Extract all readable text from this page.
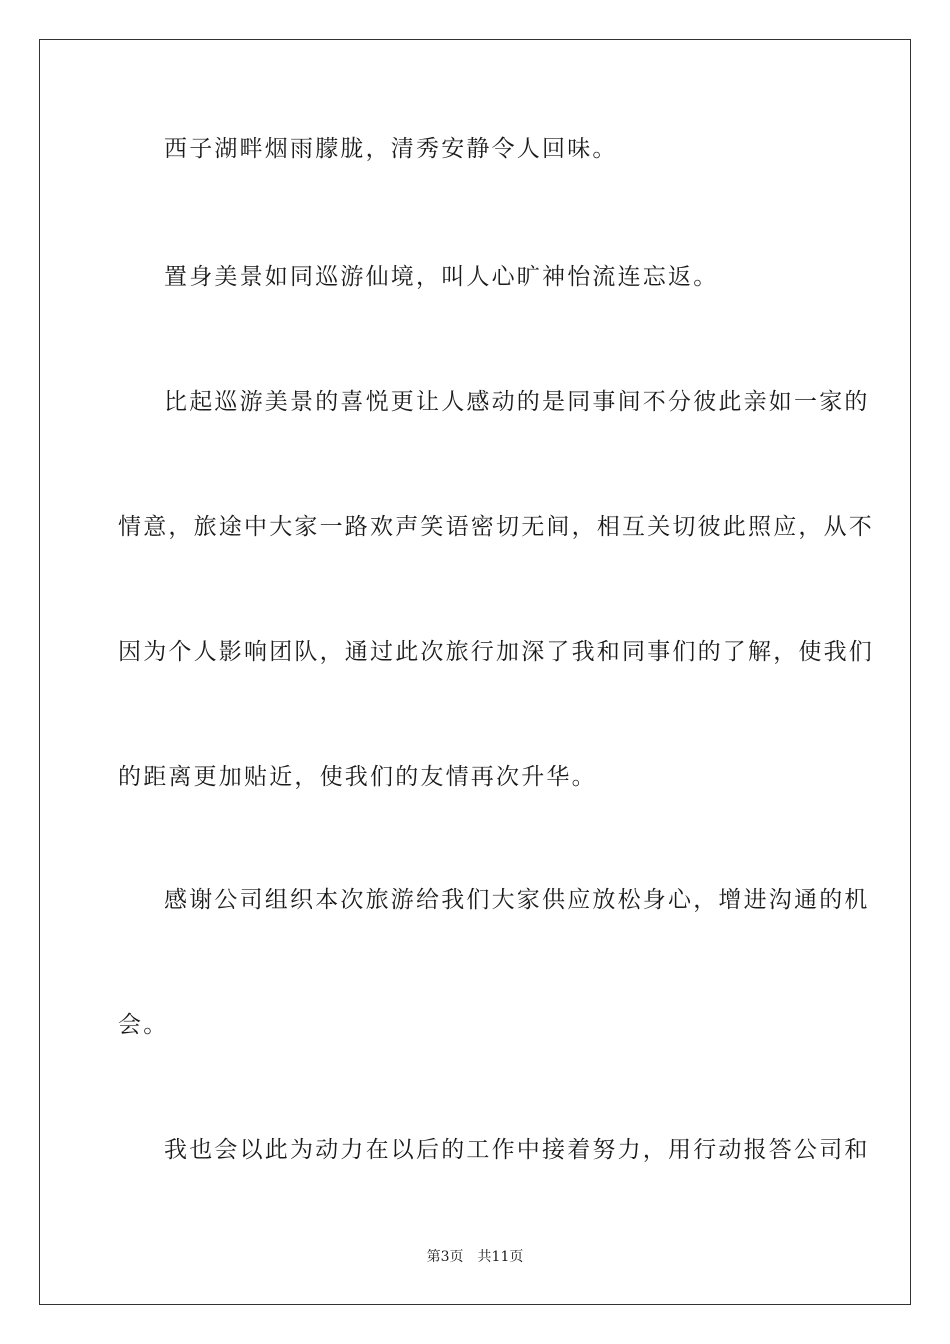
西子湖畔烟雨朦胧，清秀安静令人回味。
置身美景如同巡游仙境，叫人心旷神怡流连忘返。
比起巡游美景的喜悦更让人感动的是同事间不分彼此亲如一家的
情意，旅途中大家一路欢声笑语密切无间，相互关切彼此照应，从不
因为个人影响团队，通过此次旅行加深了我和同事们的了解，使我们
的距离更加贴近，使我们的友情再次升华。
感谢公司组织本次旅游给我们大家供应放松身心，增进沟通的机
会。
我也会以此为动力在以后的工作中接着努力，用行动报答公司和
第3页 共11页
